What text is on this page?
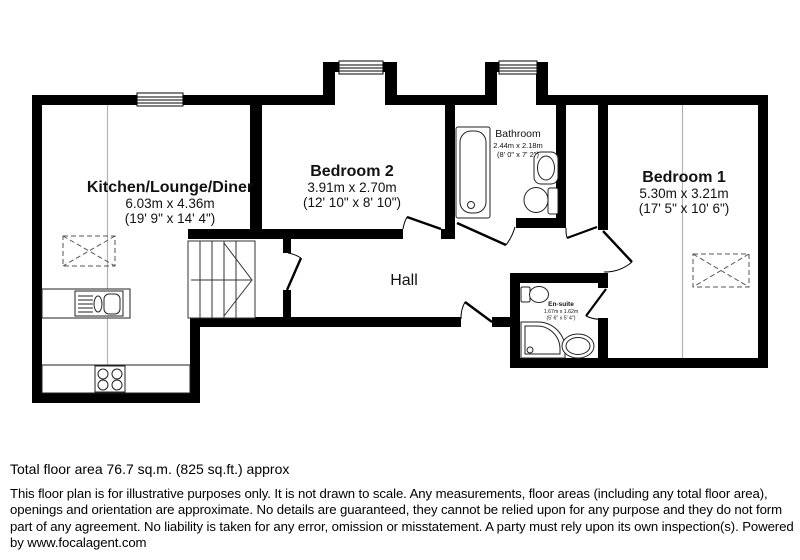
Kitchen/Lounge/Diner
6.03m x 4.36m
(19' 9" x 14' 4")
Bedroom 2
3.91m x 2.70m
(12' 10" x 8' 10")
Bathroom
2.44m x 2.18m
(8' 0" x 7' 2")
Bedroom 1
5.30m x 3.21m
(17' 5" x 10' 6")
Hall
En-suite
1.67m x 1.62m
(5' 6" x 5' 4")
Total floor area 76.7 sq.m. (825 sq.ft.) approx
This floor plan is for illustrative purposes only. It is not drawn to scale. Any measurements, floor areas (including any total floor area), openings and orientation are approximate. No details are guaranteed, they cannot be relied upon for any purpose and they do not form part of any agreement. No liability is taken for any error, omission or misstatement. A party must rely upon its own inspection(s). Powered by www.focalagent.com
